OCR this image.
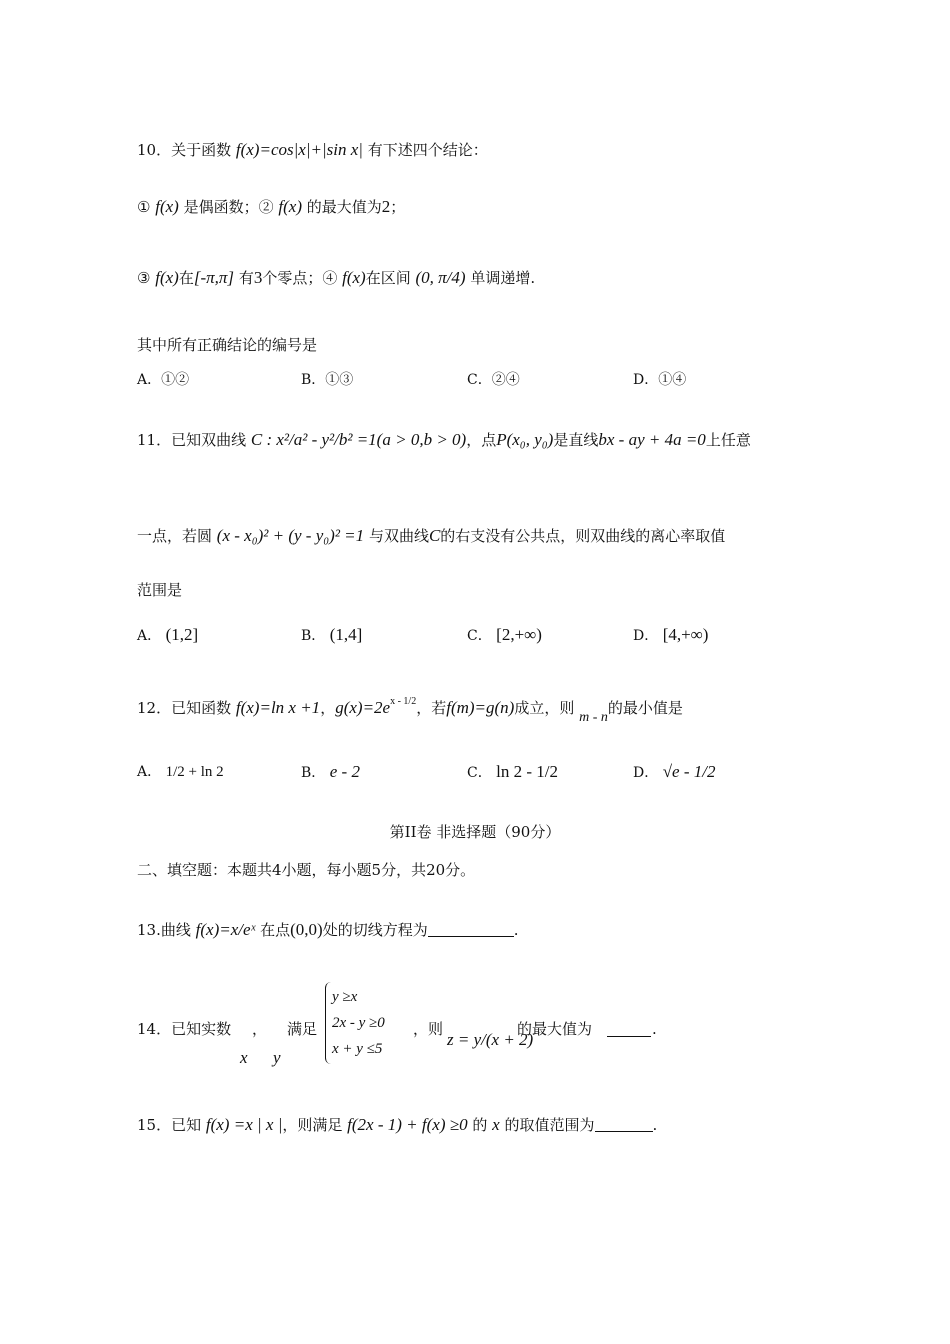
10．关于函数 f(x)=cos|x|+|sin x| 有下述四个结论：
① f(x) 是偶函数；② f(x) 的最大值为2；
③ f(x)在[-π,π] 有3个零点；④ f(x)在区间 (0, π/4) 单调递增.
其中所有正确结论的编号是
A．①②	B．①③	C．②④	D．①④
11．已知双曲线 C : x²/a² - y²/b² =1(a > 0,b > 0)，点P(x₀, y₀)是直线bx - ay + 4a =0上任意
一点，若圆 (x - x₀)² + (y - y₀)² =1 与双曲线C的右支没有公共点，则双曲线的离心率取值
范围是
A． (1,2]	B． (1,4]	C． [2,+∞)	D． [4,+∞)
12．已知函数 f(x)=ln x +1，$g(x)=2e^{x - 1/2}$，若f(m)=g(n)成立，则 m - n的最小值是
A． 1/2 + ln 2	B． e - 2	C． ln 2 - 1/2	D． √e - 1/2
第II卷 非选择题（90分）
二、填空题：本题共4小题，每小题5分，共20分。
13.曲线 f(x)=x/eˣ 在点(0,0)处的切线方程为	.
14．已知实数 ，
x y
满足
y ≥x
2x - y ≥0
x + y ≤5
，则
z = y/(x + 2)
的最大值为	.
15．已知 f(x) =x | x |，则满足 f(2x - 1) + f(x) ≥0 的 x 的取值范围为	.
